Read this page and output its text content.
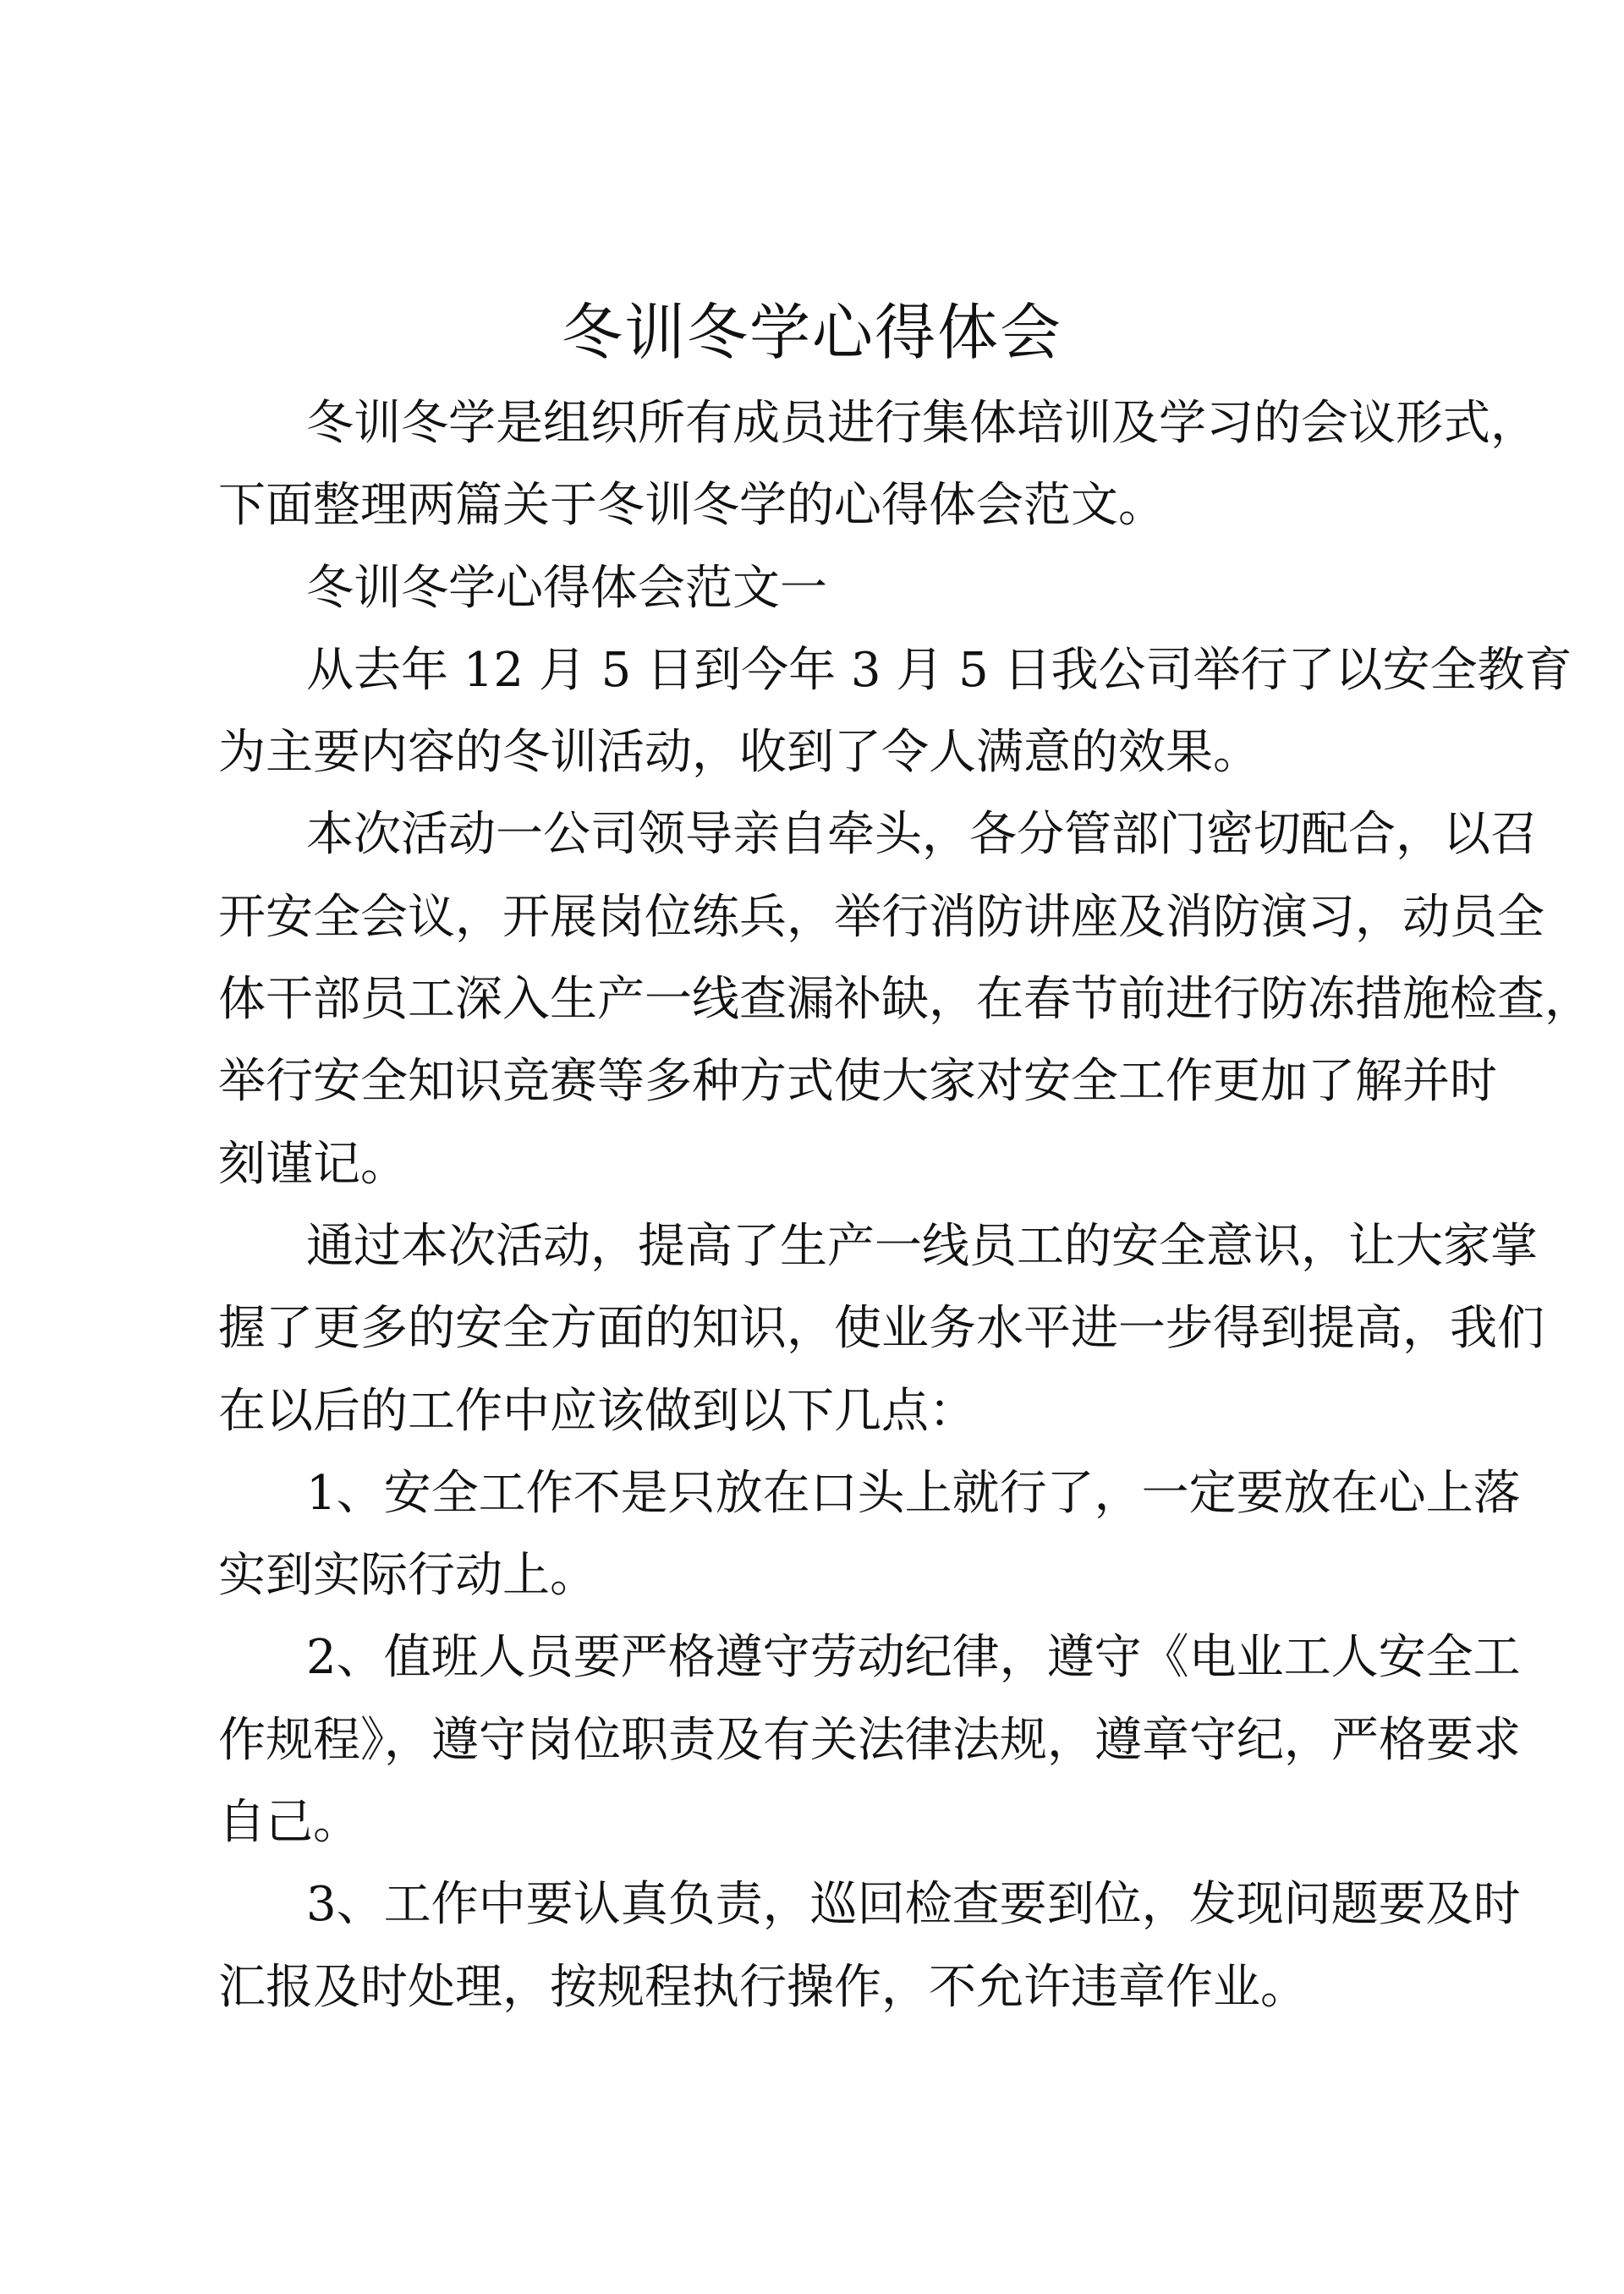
冬训冬学心得体会
冬训冬学是组织所有成员进行集体培训及学习的会议形式，
下面整理两篇关于冬训冬学的心得体会范文。
冬训冬学心得体会范文一
从去年 12 月 5 日到今年 3 月 5 日我公司举行了以安全教育
为主要内容的冬训活动，收到了令人满意的效果。
本次活动一公司领导亲自牵头，各分管部门密切配合，以召
开安全会议，开展岗位练兵，举行消防讲座及消防演习，动员全
体干部员工深入生产一线查漏补缺，在春节前进行防冻措施检查，
举行安全知识竞赛等多种方式使大家对安全工作更加了解并时
刻谨记。
通过本次活动，提高了生产一线员工的安全意识，让大家掌
握了更多的安全方面的知识，使业务水平进一步得到提高，我们
在以后的工作中应该做到以下几点：
1、安全工作不是只放在口头上就行了，一定要放在心上落
实到实际行动上。
2、值班人员要严格遵守劳动纪律，遵守《电业工人安全工
作规程》，遵守岗位职责及有关法律法规，遵章守纪，严格要求
自己。
3、工作中要认真负责，巡回检查要到位，发现问题要及时
汇报及时处理，按规程执行操作，不允许违章作业。
